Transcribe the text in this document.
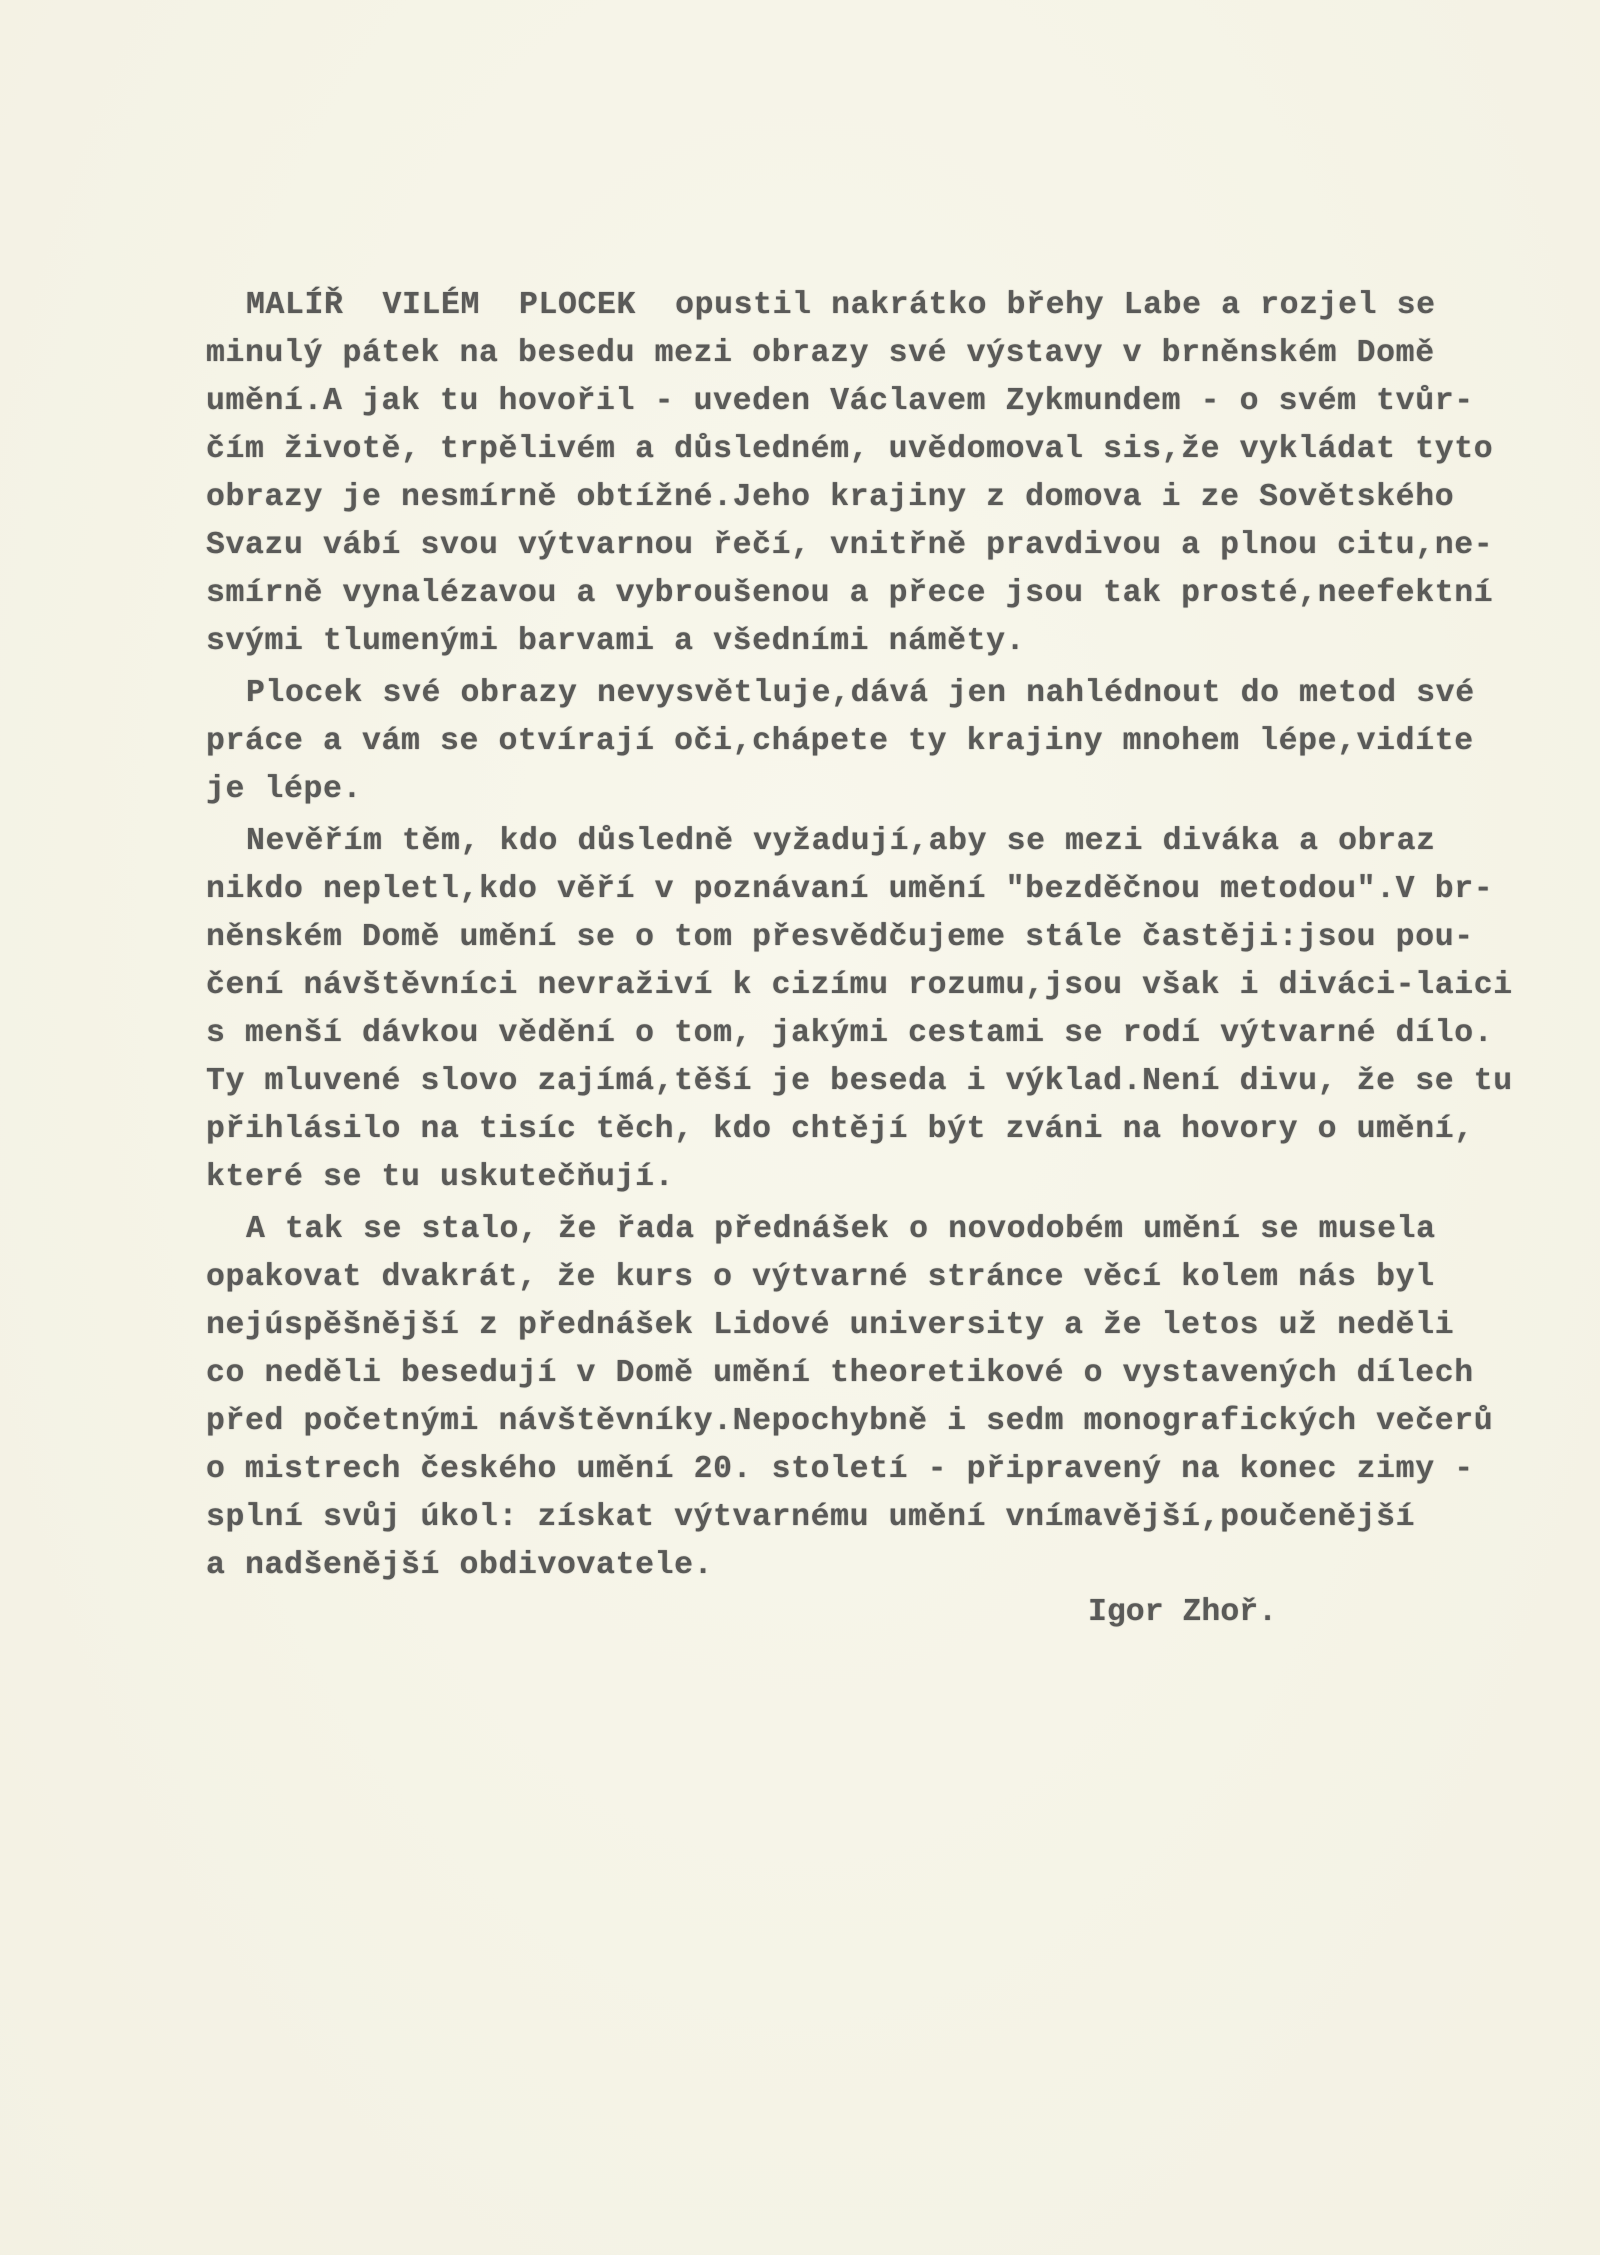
MALÍŘ  VILÉM  PLOCEK  opustil nakrátko břehy Labe a rozjel se
minulý pátek na besedu mezi obrazy své výstavy v brněnském Domě
umění.A jak tu hovořil - uveden Václavem Zykmundem - o svém tvůr-
čím životě, trpělivém a důsledném, uvědomoval sis,že vykládat tyto
obrazy je nesmírně obtížné.Jeho krajiny z domova i ze Sovětského
Svazu vábí svou výtvarnou řečí, vnitřně pravdivou a plnou citu,ne-
smírně vynalézavou a vybroušenou a přece jsou tak prosté,neefektní
svými tlumenými barvami a všedními náměty.
Plocek své obrazy nevysvětluje,dává jen nahlédnout do metod své
práce a vám se otvírají oči,chápete ty krajiny mnohem lépe,vidíte
je lépe.
Nevěřím těm, kdo důsledně vyžadují,aby se mezi diváka a obraz
nikdo nepletl,kdo věří v poznávaní umění "bezděčnou metodou".V br-
něnském Domě umění se o tom přesvědčujeme stále častěji:jsou pou-
čení návštěvníci nevraživí k cizímu rozumu,jsou však i diváci-laici
s menší dávkou vědění o tom, jakými cestami se rodí výtvarné dílo.
Ty mluvené slovo zajímá,těší je beseda i výklad.Není divu, že se tu
přihlásilo na tisíc těch, kdo chtějí být zváni na hovory o umění,
které se tu uskutečňují.
A tak se stalo, že řada přednášek o novodobém umění se musela
opakovat dvakrát, že kurs o výtvarné stránce věcí kolem nás byl
nejúspěšnější z přednášek Lidové university a že letos už neděli
co neděli besedují v Domě umění theoretikové o vystavených dílech
před početnými návštěvníky.Nepochybně i sedm monografických večerů
o mistrech českého umění 20. století - připravený na konec zimy -
splní svůj úkol: získat výtvarnému umění vnímavější,poučenější
a nadšenější obdivovatele.
Igor Zhoř.
